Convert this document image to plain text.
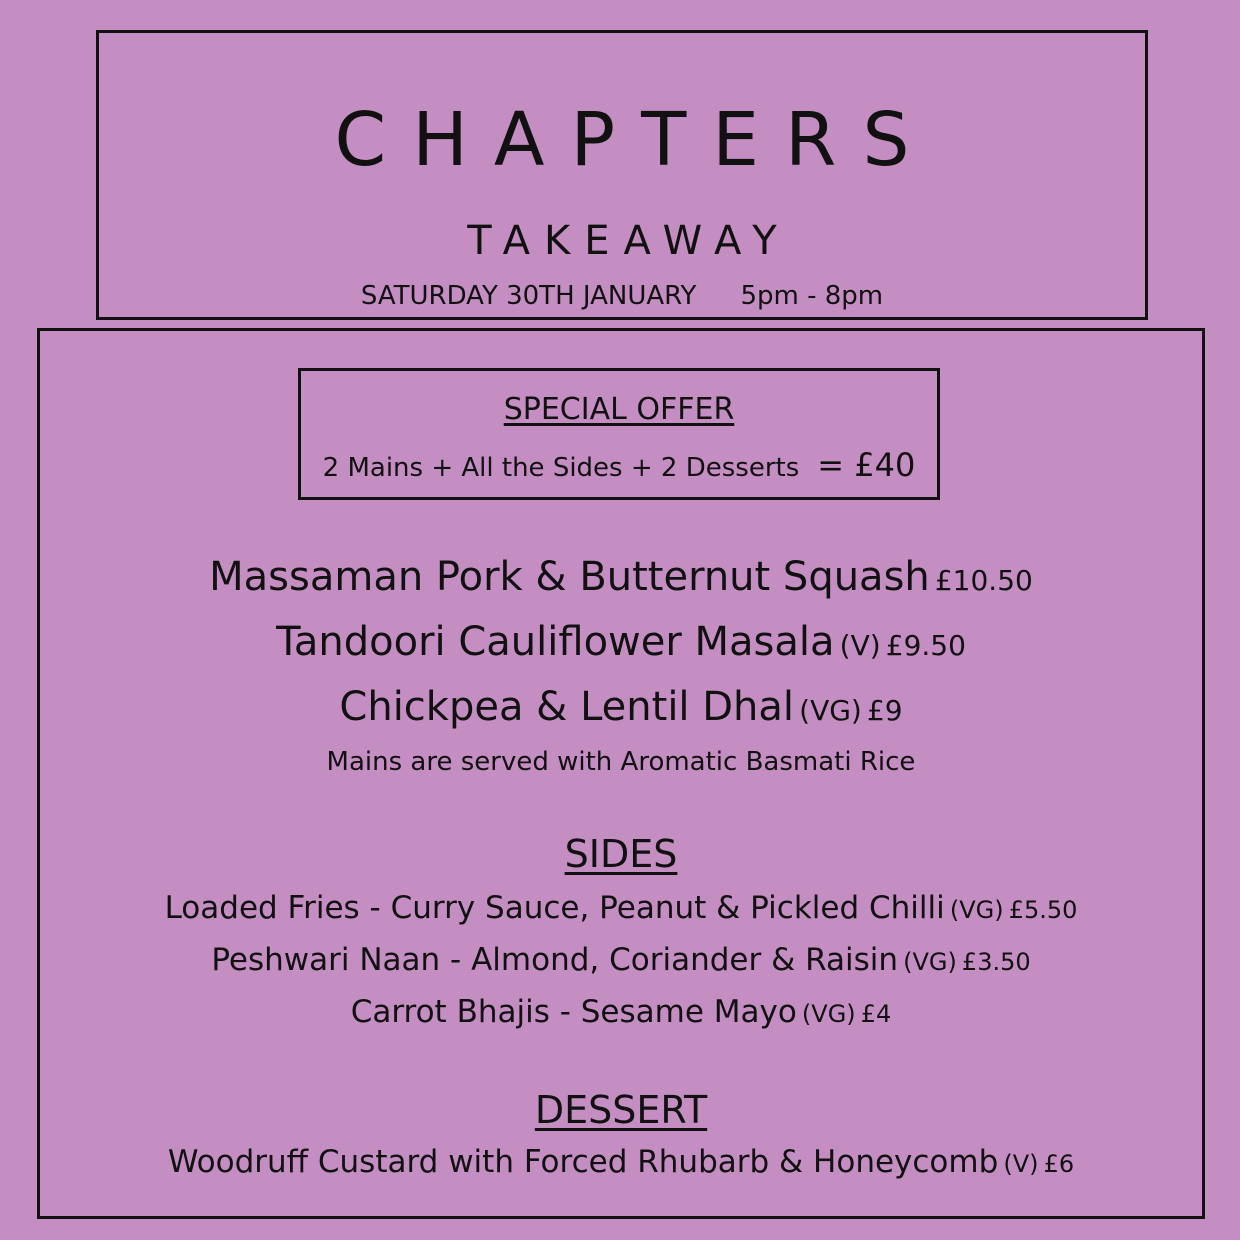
CHAPTERS
TAKEAWAY
SATURDAY 30TH JANUARY 5pm - 8pm
SPECIAL OFFER
2 Mains + All the Sides + 2 Desserts = £40
Massaman Pork & Butternut Squash £10.50
Tandoori Cauliflower Masala (V) £9.50
Chickpea & Lentil Dhal (VG) £9
Mains are served with Aromatic Basmati Rice
SIDES
Loaded Fries - Curry Sauce, Peanut & Pickled Chilli (VG) £5.50
Peshwari Naan - Almond, Coriander & Raisin (VG) £3.50
Carrot Bhajis - Sesame Mayo (VG) £4
DESSERT
Woodruff Custard with Forced Rhubarb & Honeycomb (V) £6
